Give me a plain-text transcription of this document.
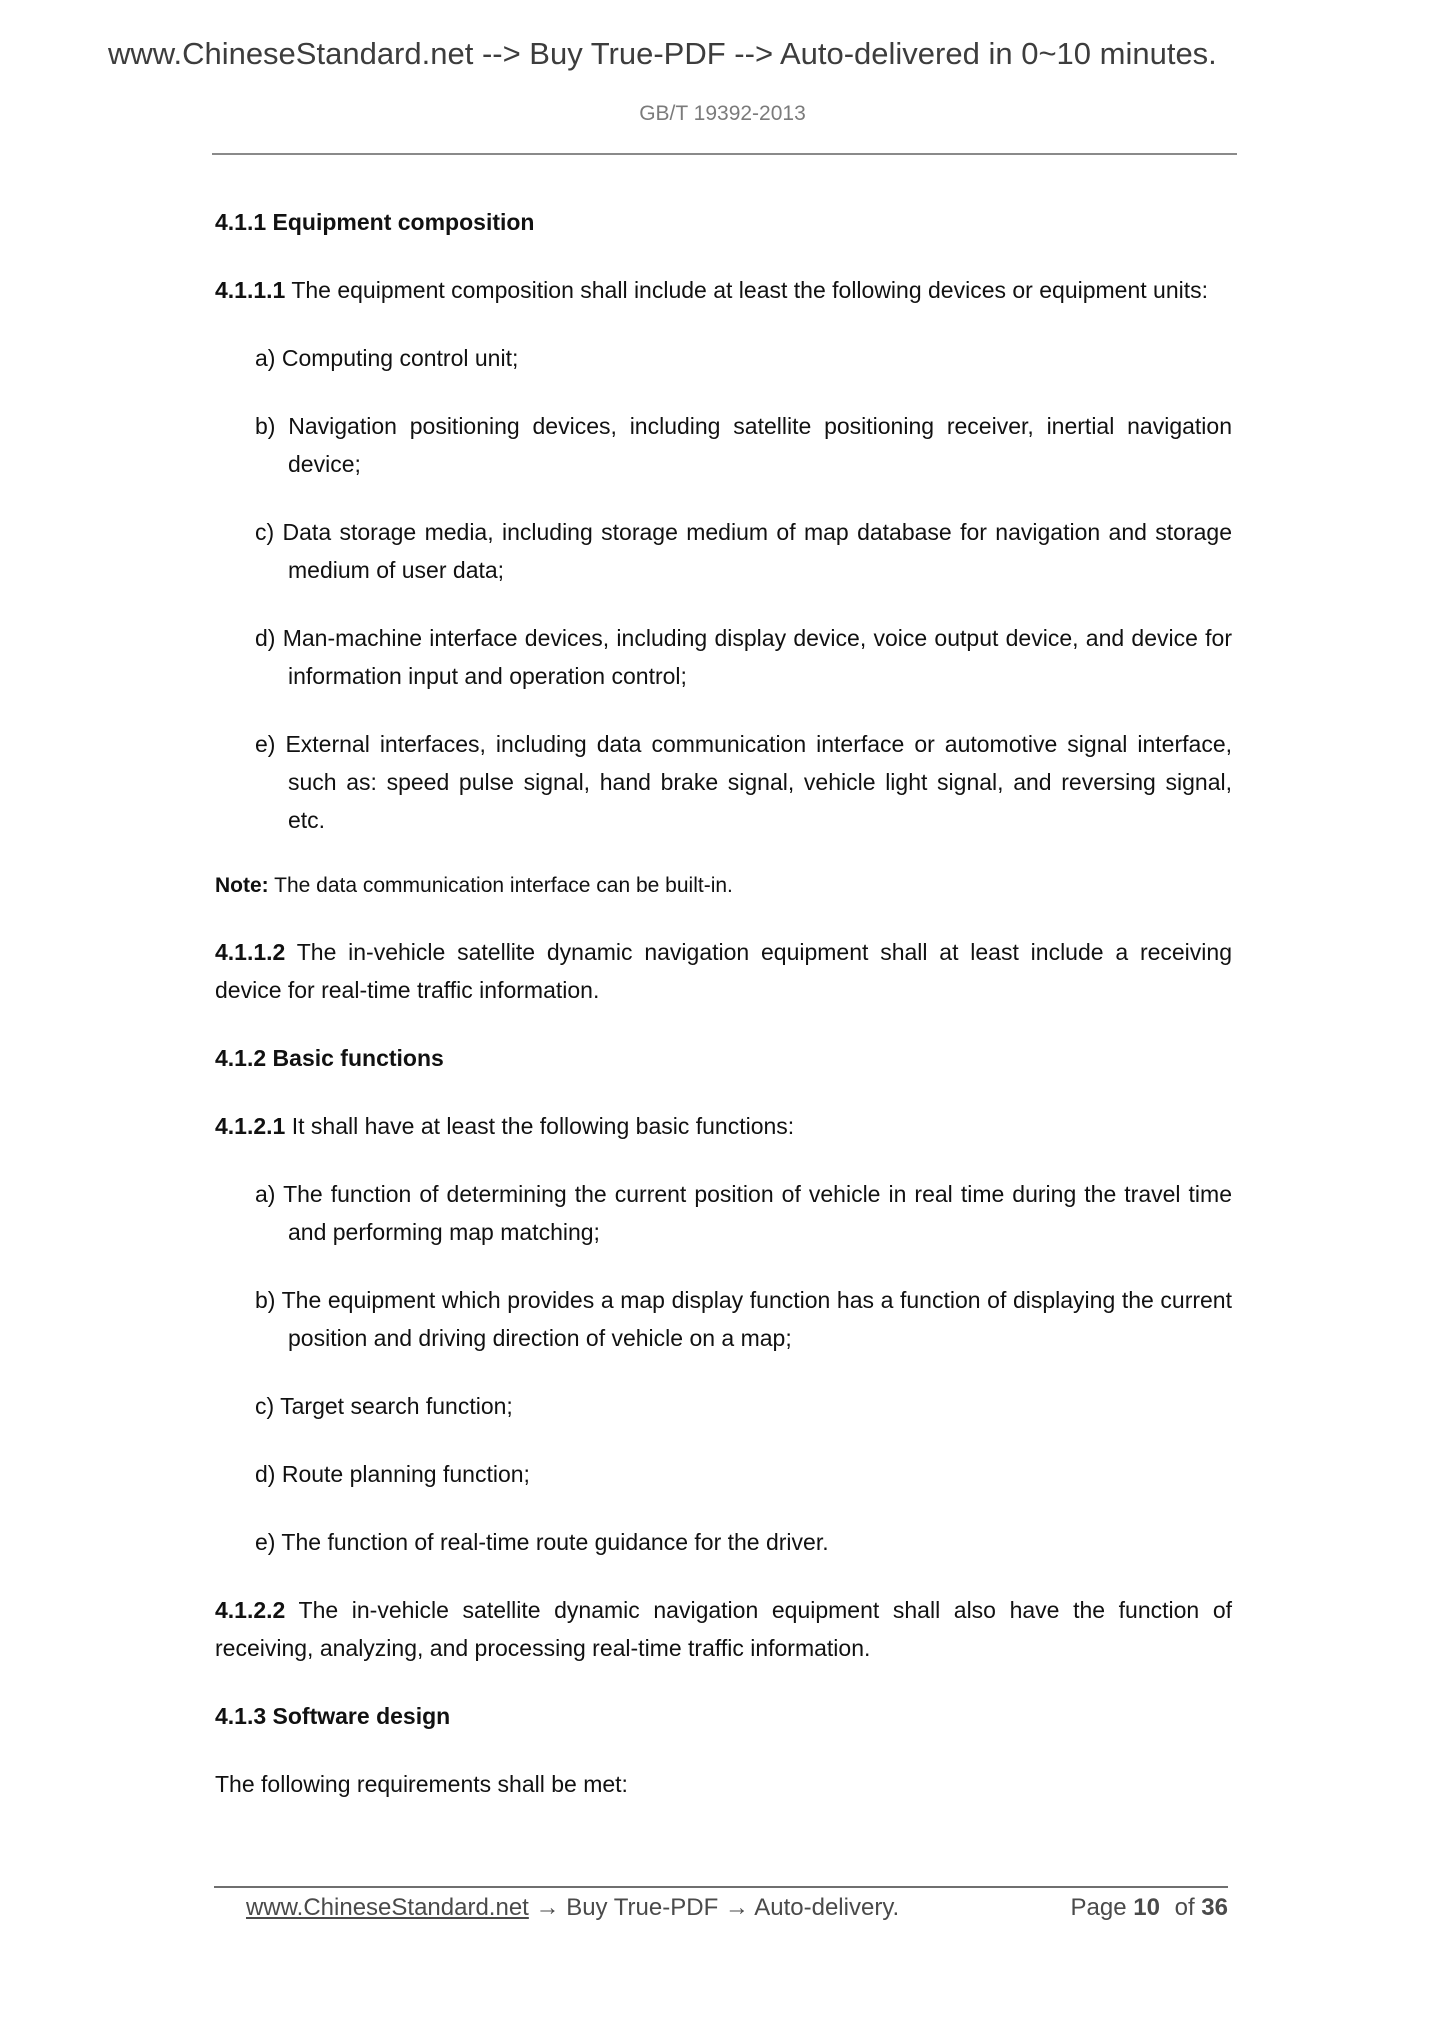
www.ChineseStandard.net --> Buy True-PDF --> Auto-delivered in 0~10 minutes.
GB/T 19392-2013
4.1.1 Equipment composition
4.1.1.1 The equipment composition shall include at least the following devices or equipment units:
a) Computing control unit;
b) Navigation positioning devices, including satellite positioning receiver, inertial navigation device;
c) Data storage media, including storage medium of map database for navigation and storage medium of user data;
d) Man-machine interface devices, including display device, voice output device, and device for information input and operation control;
e) External interfaces, including data communication interface or automotive signal interface, such as: speed pulse signal, hand brake signal, vehicle light signal, and reversing signal, etc.
Note: The data communication interface can be built-in.
4.1.1.2 The in-vehicle satellite dynamic navigation equipment shall at least include a receiving device for real-time traffic information.
4.1.2 Basic functions
4.1.2.1 It shall have at least the following basic functions:
a) The function of determining the current position of vehicle in real time during the travel time and performing map matching;
b) The equipment which provides a map display function has a function of displaying the current position and driving direction of vehicle on a map;
c) Target search function;
d) Route planning function;
e) The function of real-time route guidance for the driver.
4.1.2.2 The in-vehicle satellite dynamic navigation equipment shall also have the function of receiving, analyzing, and processing real-time traffic information.
4.1.3 Software design
The following requirements shall be met:
www.ChineseStandard.net → Buy True-PDF → Auto-delivery.	Page 10 of 36
